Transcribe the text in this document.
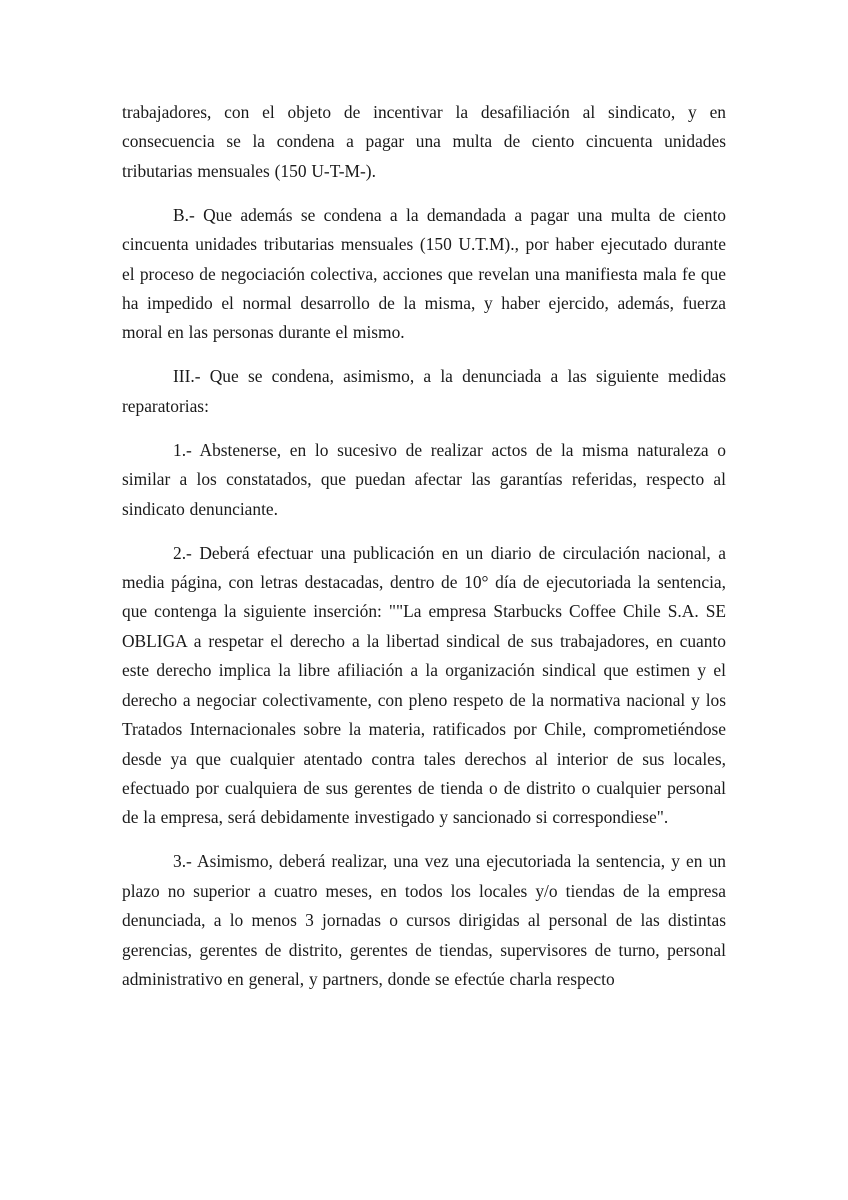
trabajadores, con el objeto de incentivar la desafiliación al sindicato, y en consecuencia se la condena a pagar una multa de ciento cincuenta unidades tributarias mensuales (150 U-T-M-).

B.- Que además se condena a la demandada a pagar una multa de ciento cincuenta unidades tributarias mensuales (150 U.T.M)., por haber ejecutado durante el proceso de negociación colectiva, acciones que revelan una manifiesta mala fe que ha impedido el normal desarrollo de la misma, y haber ejercido, además, fuerza moral en las personas durante el mismo.

III.- Que se condena, asimismo, a la denunciada a las siguiente medidas reparatorias:

1.- Abstenerse, en lo sucesivo de realizar actos de la misma naturaleza o similar a los constatados, que puedan afectar las garantías referidas, respecto al sindicato denunciante.

2.- Deberá efectuar una publicación en un diario de circulación nacional, a media página, con letras destacadas, dentro de 10° día de ejecutoriada la sentencia, que contenga la siguiente inserción: ""La empresa Starbucks Coffee Chile S.A. SE OBLIGA a respetar el derecho a la libertad sindical de sus trabajadores, en cuanto este derecho implica la libre afiliación a la organización sindical que estimen y el derecho a negociar colectivamente, con pleno respeto de la normativa nacional y los Tratados Internacionales sobre la materia, ratificados por Chile, comprometiéndose desde ya que cualquier atentado contra tales derechos al interior de sus locales, efectuado por cualquiera de sus gerentes de tienda o de distrito o cualquier personal de la empresa, será debidamente investigado y sancionado si correspondiese".

3.- Asimismo, deberá realizar, una vez una ejecutoriada la sentencia, y en un plazo no superior a cuatro meses, en todos los locales y/o tiendas de la empresa denunciada, a lo menos 3 jornadas o cursos dirigidas al personal de las distintas gerencias, gerentes de distrito, gerentes de tiendas, supervisores de turno, personal administrativo en general, y partners, donde se efectúe charla respecto
